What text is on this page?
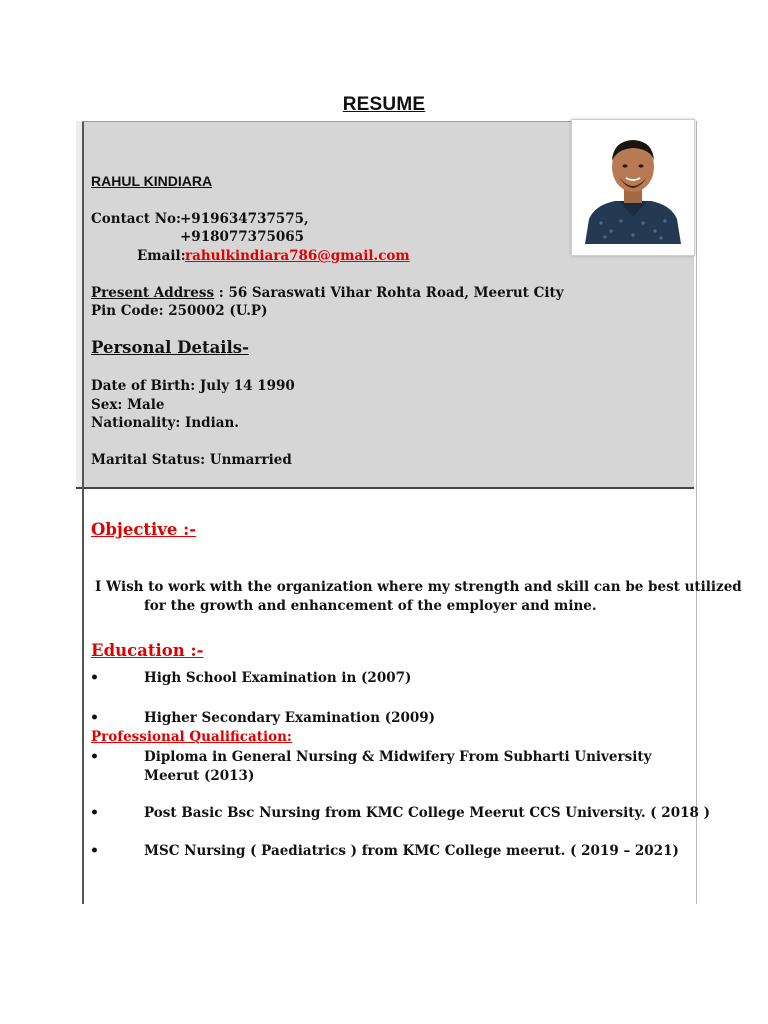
RESUME
RAHUL KINDIARA
Contact No:
+919634737575,
+918077375065
Email: rahulkindiara786@gmail.com
Present Address : 56 Saraswati Vihar Rohta Road, Meerut City
Pin Code: 250002 (U.P)
Personal Details-
Date of Birth: July 14 1990
Sex: Male
Nationality: Indian.
Marital Status: Unmarried
Objective :-
I Wish to work with the organization where my strength and skill can be best utilized
for the growth and enhancement of the employer and mine.
Education :-
•	High School Examination in (2007)
•	Higher Secondary Examination (2009)
Professional Qualification:
•	Diploma in General Nursing & Midwifery From Subharti University
Meerut (2013)
•	Post Basic Bsc Nursing from KMC College Meerut CCS University. ( 2018 )
•	MSC Nursing ( Paediatrics ) from KMC College meerut. ( 2019 – 2021)
